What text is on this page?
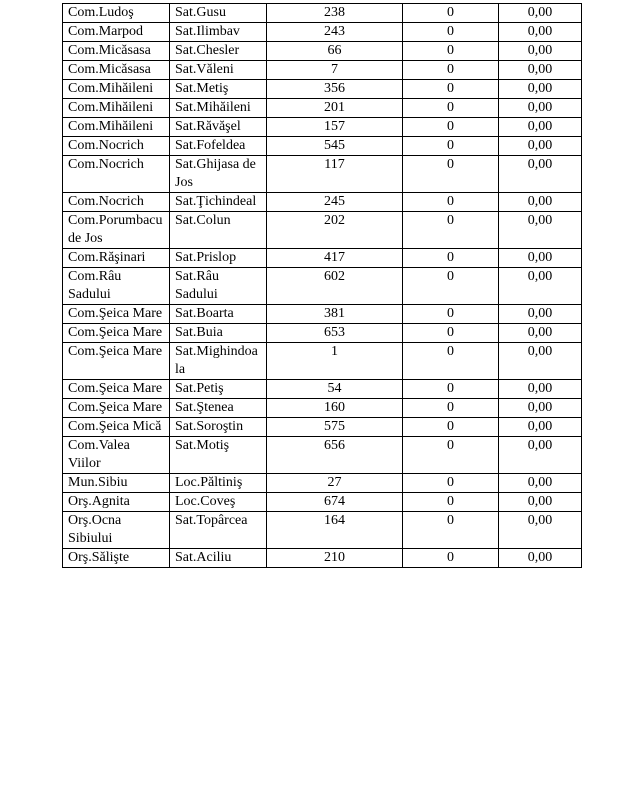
Com.Ludoş	Sat.Gusu	238	0	0,00
Com.Marpod	Sat.Ilimbav	243	0	0,00
Com.Micăsasa	Sat.Chesler	66	0	0,00
Com.Micăsasa	Sat.Văleni	7	0	0,00
Com.Mihăileni	Sat.Metiş	356	0	0,00
Com.Mihăileni	Sat.Mihăileni	201	0	0,00
Com.Mihăileni	Sat.Răvăşel	157	0	0,00
Com.Nocrich	Sat.Fofeldea	545	0	0,00
Com.Nocrich	Sat.Ghijasa de Jos	117	0	0,00
Com.Nocrich	Sat.Ţichindeal	245	0	0,00
Com.Porumbacu de Jos	Sat.Colun	202	0	0,00
Com.Răşinari	Sat.Prislop	417	0	0,00
Com.Râu Sadului	Sat.Râu Sadului	602	0	0,00
Com.Şeica Mare	Sat.Boarta	381	0	0,00
Com.Şeica Mare	Sat.Buia	653	0	0,00
Com.Şeica Mare	Sat.Mighindoala	1	0	0,00
Com.Şeica Mare	Sat.Petiş	54	0	0,00
Com.Şeica Mare	Sat.Ştenea	160	0	0,00
Com.Şeica Mică	Sat.Soroştin	575	0	0,00
Com.Valea Viilor	Sat.Motiş	656	0	0,00
Mun.Sibiu	Loc.Păltiniş	27	0	0,00
Orş.Agnita	Loc.Coveş	674	0	0,00
Orş.Ocna Sibiului	Sat.Topârcea	164	0	0,00
Orş.Sălişte	Sat.Aciliu	210	0	0,00
